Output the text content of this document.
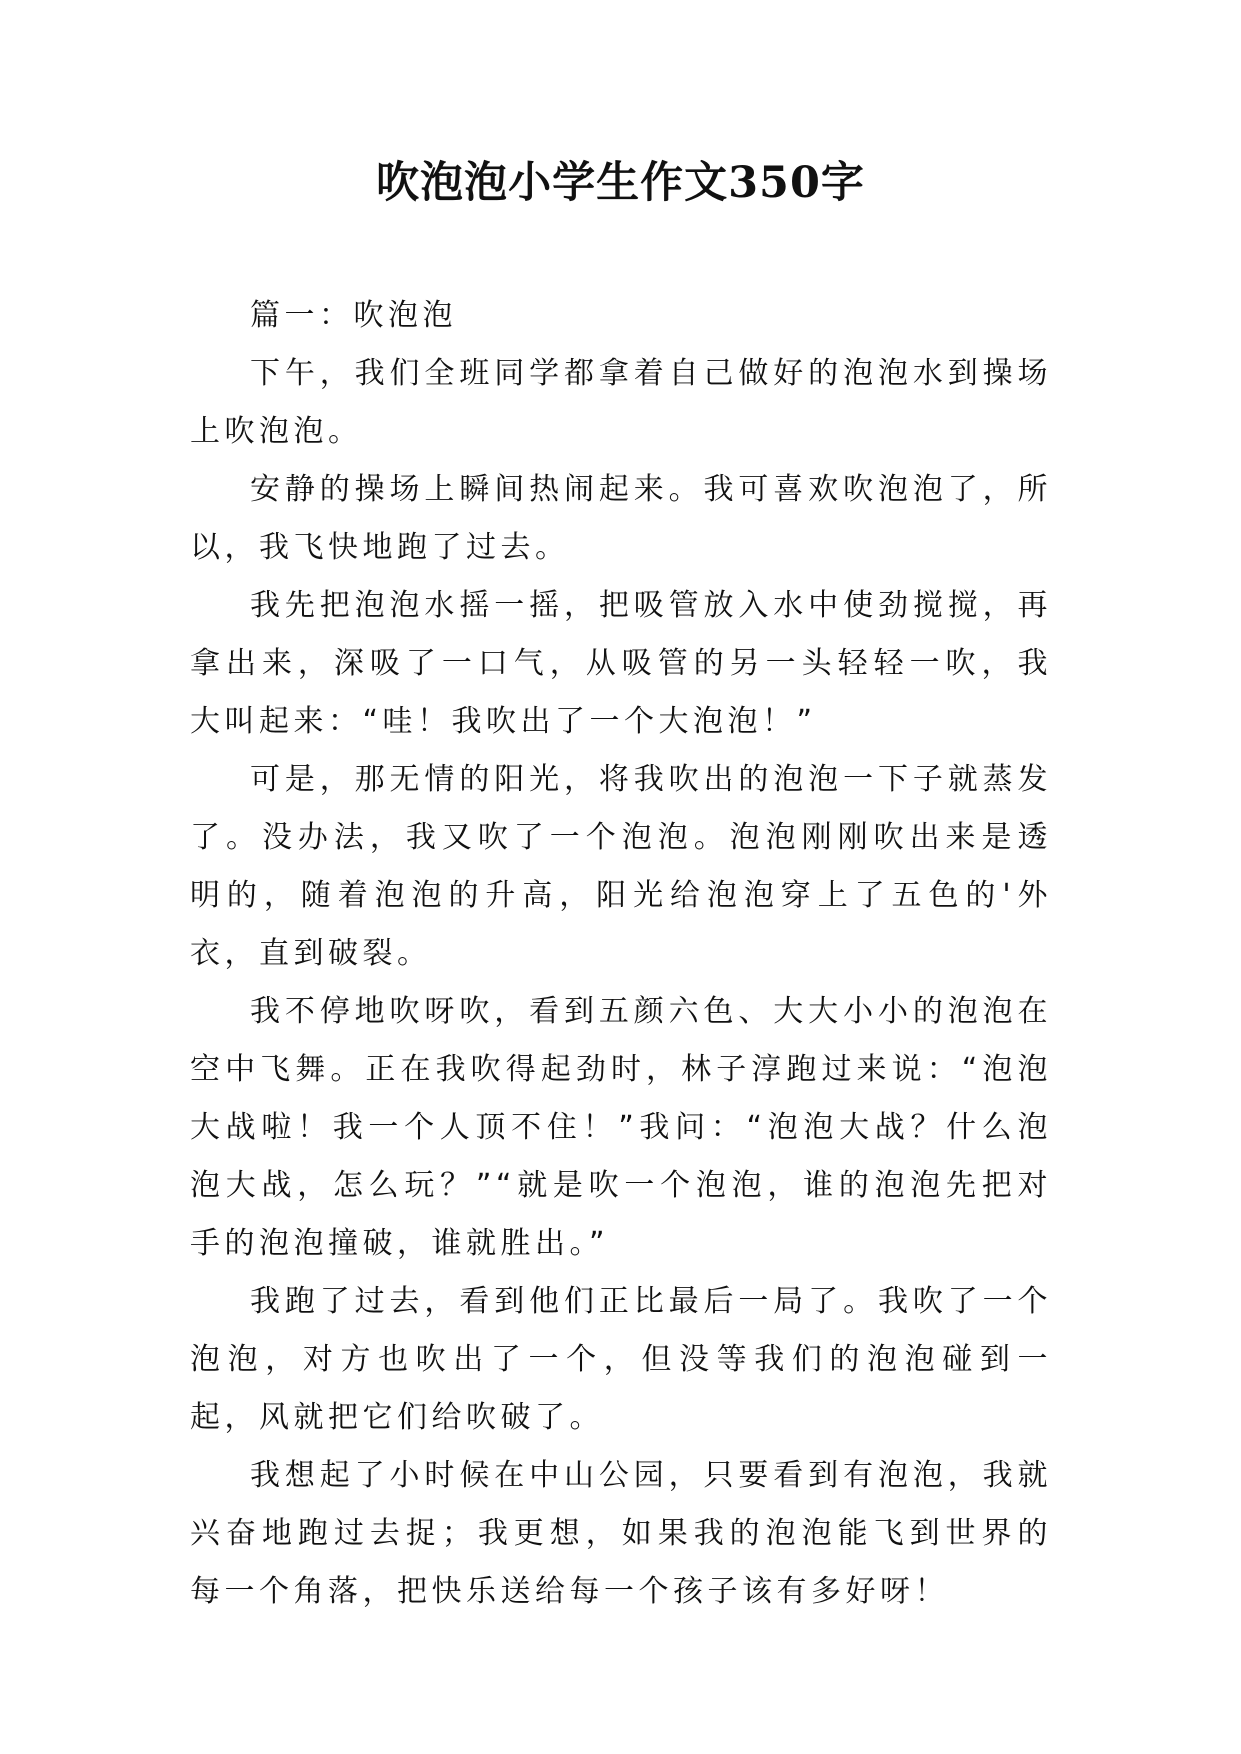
吹泡泡小学生作文350字

篇一：吹泡泡

下午，我们全班同学都拿着自己做好的泡泡水到操场上吹泡泡。

安静的操场上瞬间热闹起来。我可喜欢吹泡泡了，所以，我飞快地跑了过去。

我先把泡泡水摇一摇，把吸管放入水中使劲搅搅，再拿出来，深吸了一口气，从吸管的另一头轻轻一吹，我大叫起来：“哇！我吹出了一个大泡泡！”

可是，那无情的阳光，将我吹出的泡泡一下子就蒸发了。没办法，我又吹了一个泡泡。泡泡刚刚吹出来是透明的，随着泡泡的升高，阳光给泡泡穿上了五色的'外衣，直到破裂。

我不停地吹呀吹，看到五颜六色、大大小小的泡泡在空中飞舞。正在我吹得起劲时，林子淳跑过来说：“泡泡大战啦！我一个人顶不住！”我问：“泡泡大战？什么泡泡大战，怎么玩？”“就是吹一个泡泡，谁的泡泡先把对手的泡泡撞破，谁就胜出。”

我跑了过去，看到他们正比最后一局了。我吹了一个泡泡，对方也吹出了一个，但没等我们的泡泡碰到一起，风就把它们给吹破了。

我想起了小时候在中山公园，只要看到有泡泡，我就兴奋地跑过去捉；我更想，如果我的泡泡能飞到世界的每一个角落，把快乐送给每一个孩子该有多好呀！
